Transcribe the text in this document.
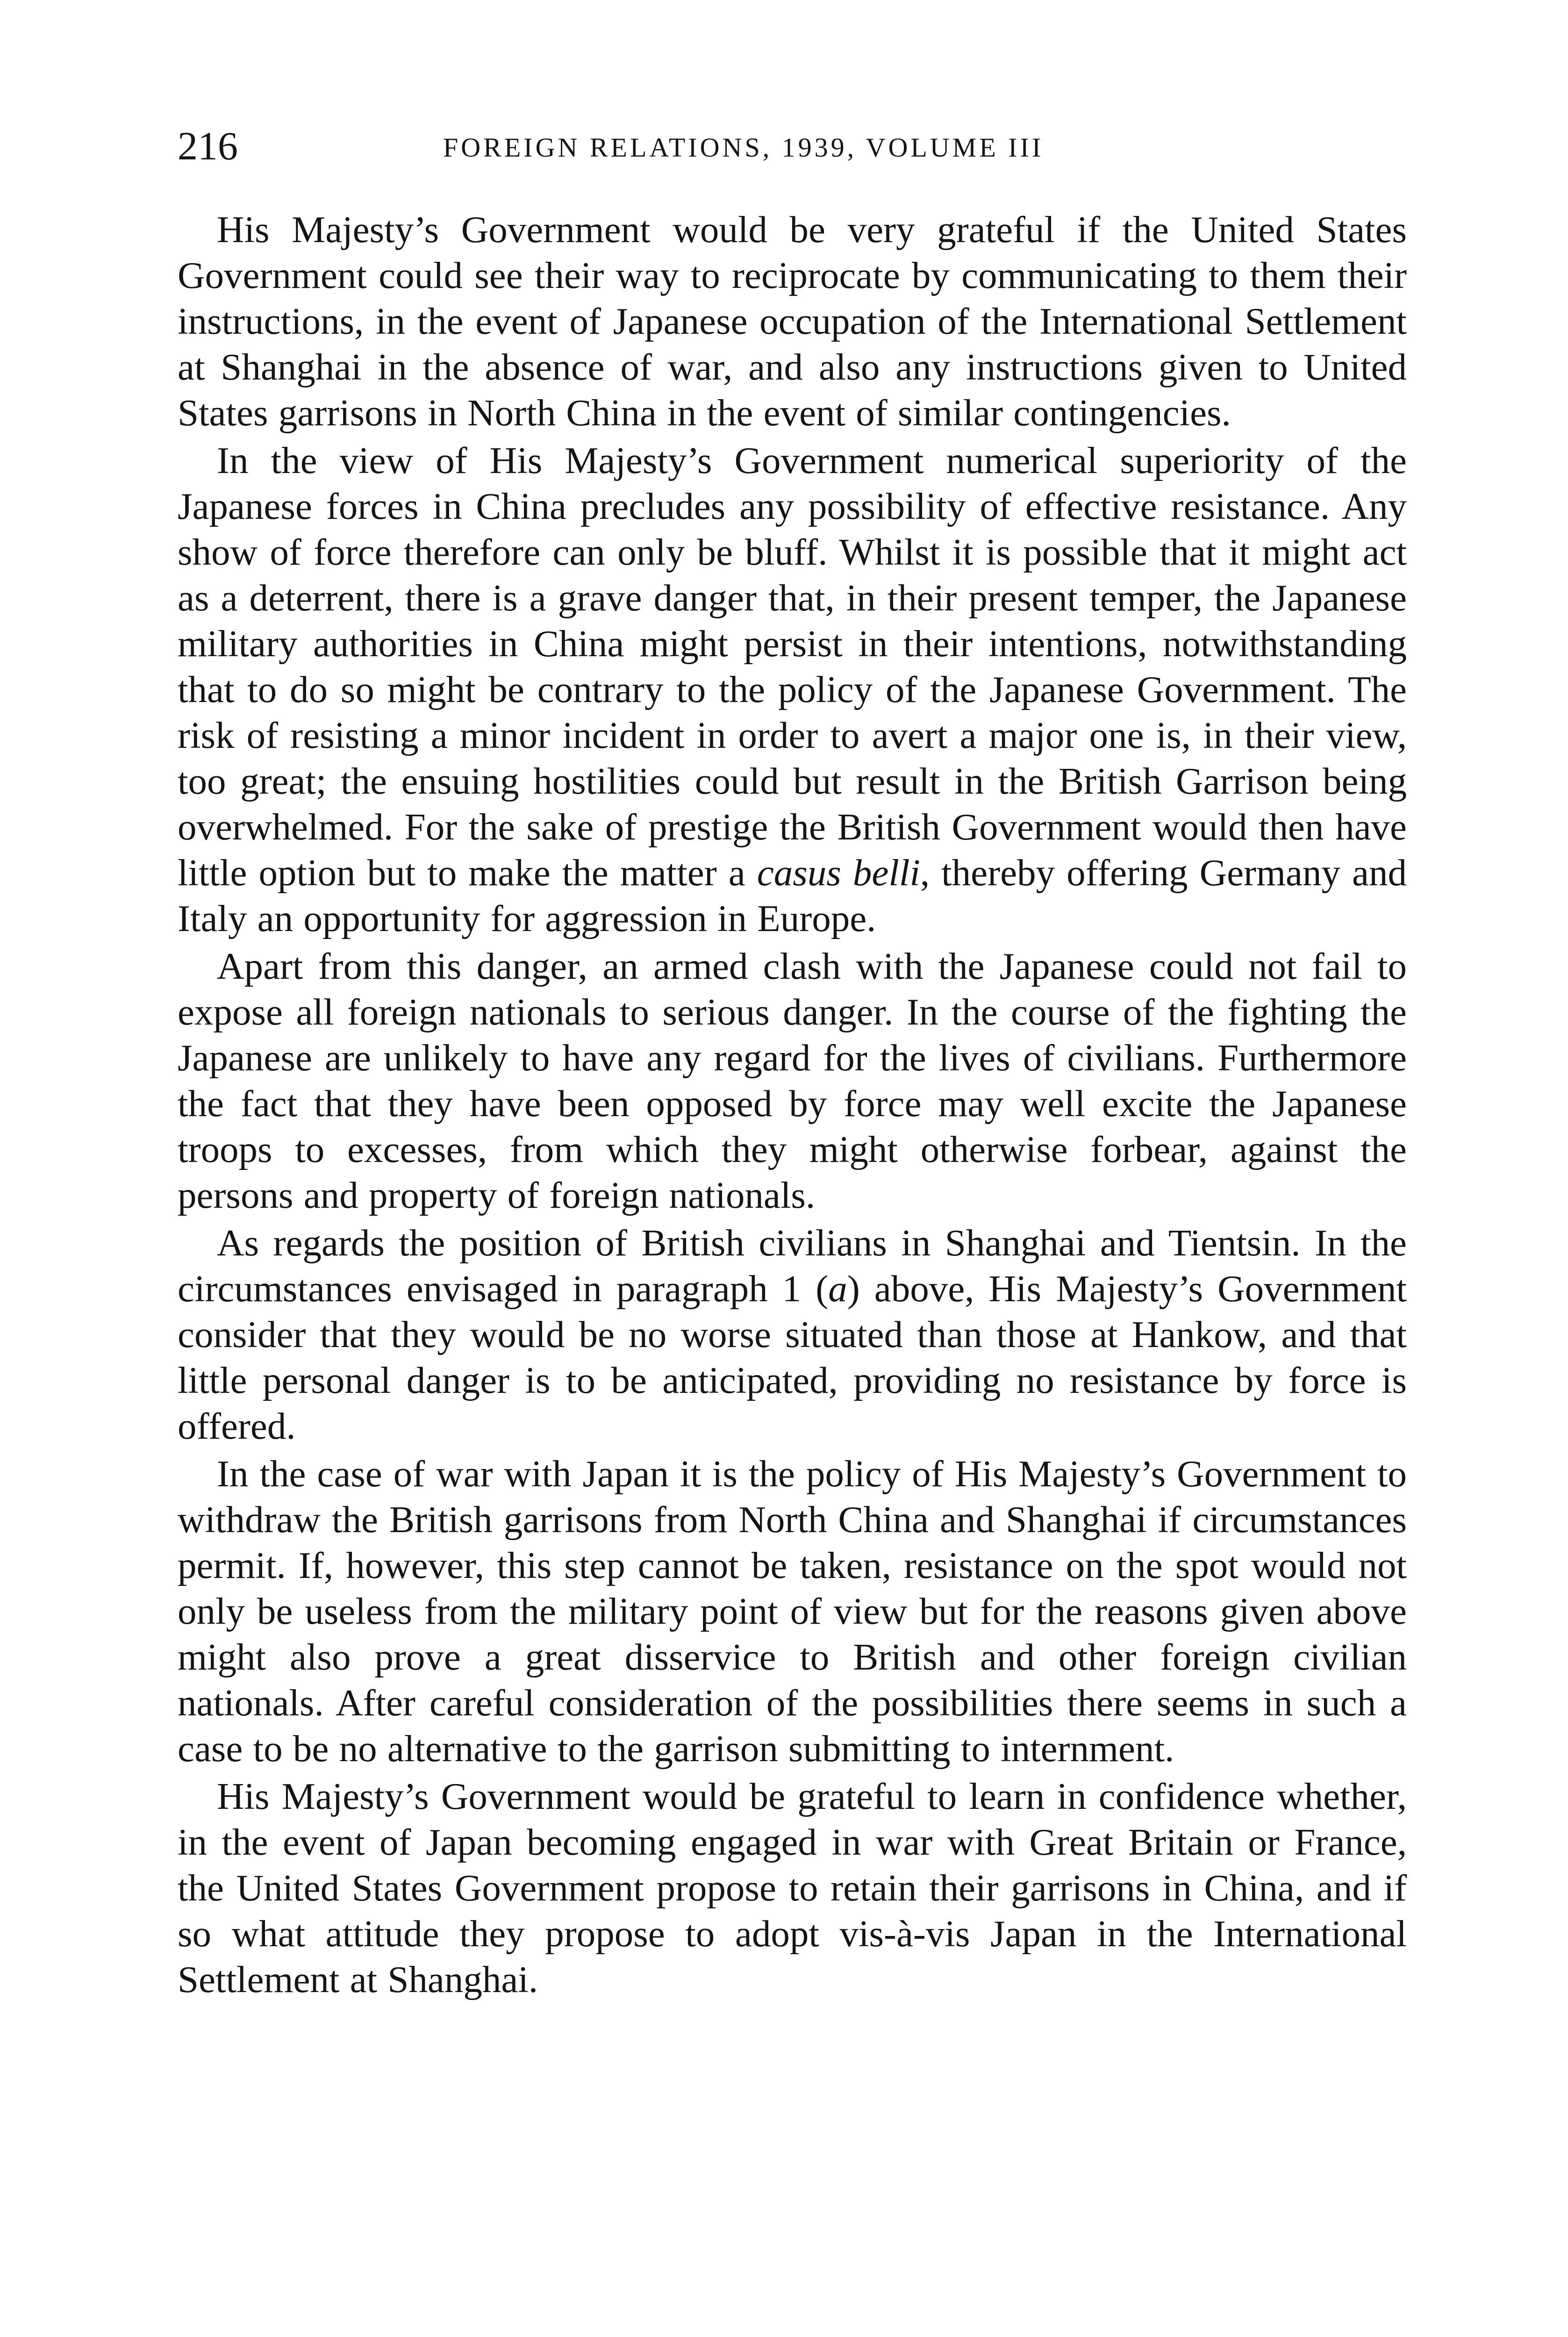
216	FOREIGN RELATIONS, 1939, VOLUME III

His Majesty’s Government would be very grateful if the United States Government could see their way to reciprocate by communicating to them their instructions, in the event of Japanese occupation of the International Settlement at Shanghai in the absence of war, and also any instructions given to United States garrisons in North China in the event of similar contingencies.

In the view of His Majesty’s Government numerical superiority of the Japanese forces in China precludes any possibility of effective resistance. Any show of force therefore can only be bluff. Whilst it is possible that it might act as a deterrent, there is a grave danger that, in their present temper, the Japanese military authorities in China might persist in their intentions, notwithstanding that to do so might be contrary to the policy of the Japanese Government. The risk of resisting a minor incident in order to avert a major one is, in their view, too great; the ensuing hostilities could but result in the British Garrison being overwhelmed. For the sake of prestige the British Government would then have little option but to make the matter a casus belli, thereby offering Germany and Italy an opportunity for aggression in Europe.

Apart from this danger, an armed clash with the Japanese could not fail to expose all foreign nationals to serious danger. In the course of the fighting the Japanese are unlikely to have any regard for the lives of civilians. Furthermore the fact that they have been opposed by force may well excite the Japanese troops to excesses, from which they might otherwise forbear, against the persons and property of foreign nationals.

As regards the position of British civilians in Shanghai and Tientsin. In the circumstances envisaged in paragraph 1 (a) above, His Majesty’s Government consider that they would be no worse situated than those at Hankow, and that little personal danger is to be anticipated, providing no resistance by force is offered.

In the case of war with Japan it is the policy of His Majesty’s Government to withdraw the British garrisons from North China and Shanghai if circumstances permit. If, however, this step cannot be taken, resistance on the spot would not only be useless from the military point of view but for the reasons given above might also prove a great disservice to British and other foreign civilian nationals. After careful consideration of the possibilities there seems in such a case to be no alternative to the garrison submitting to internment.

His Majesty’s Government would be grateful to learn in confidence whether, in the event of Japan becoming engaged in war with Great Britain or France, the United States Government propose to retain their garrisons in China, and if so what attitude they propose to adopt vis-à-vis Japan in the International Settlement at Shanghai.
